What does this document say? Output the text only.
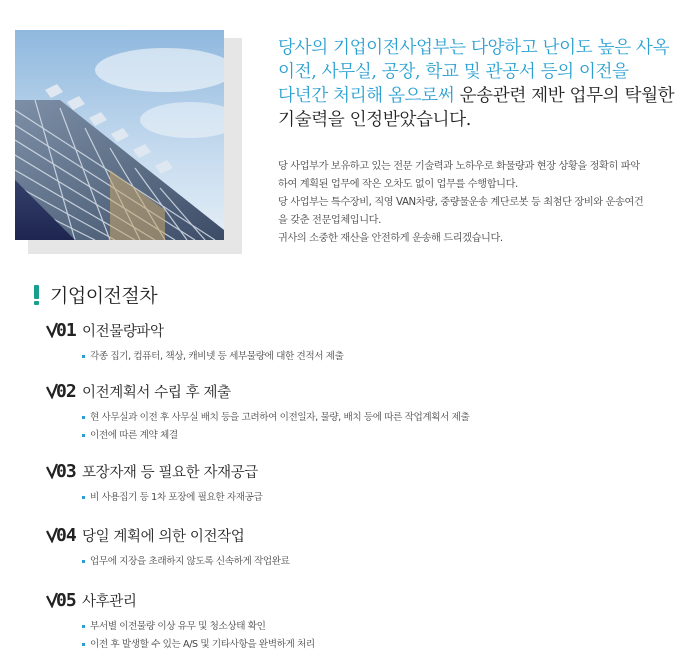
당사의 기업이전사업부는 다양하고 난이도 높은 사옥 이전, 사무실, 공장, 학교 및 관공서 등의 이전을 다년간 처리해 옴으로써 운송관련 제반 업무의 탁월한 기술력을 인정받았습니다.

당 사업부가 보유하고 있는 전문 기술력과 노하우로 화물량과 현장 상황을 정확히 파악

하여 계획된 업무에 작은 오차도 없이 업무를 수행합니다.

당 사업부는 특수장비, 직영 VAN차량, 중량물운송 계단로봇 등 최첨단 장비와 운송여건

을 갖춘 전문업체입니다.

귀사의 소중한 재산을 안전하게 운송해 드리겠습니다.

기업이전절차
01 이전물량파악
각종 집기, 컴퓨터, 책상, 캐비넷 등 세부물량에 대한 견적서 제출
02 이전계획서 수립 후 제출
현 사무실과 이전 후 사무실 배치 등을 고려하여 이전일자, 물량, 배치 등에 따른 작업계획서 제출
이전에 따른 계약 체결
03 포장자재 등 필요한 자재공급
비 사용집기 등 1차 포장에 필요한 자재공급
04 당일 계획에 의한 이전작업
업무에 지장을 초래하지 않도록 신속하게 작업완료
05 사후관리
부서별 이전물량 이상 유무 및 청소상태 확인
이전 후 발생할 수 있는 A/S 및 기타사항을 완벽하게 처리
